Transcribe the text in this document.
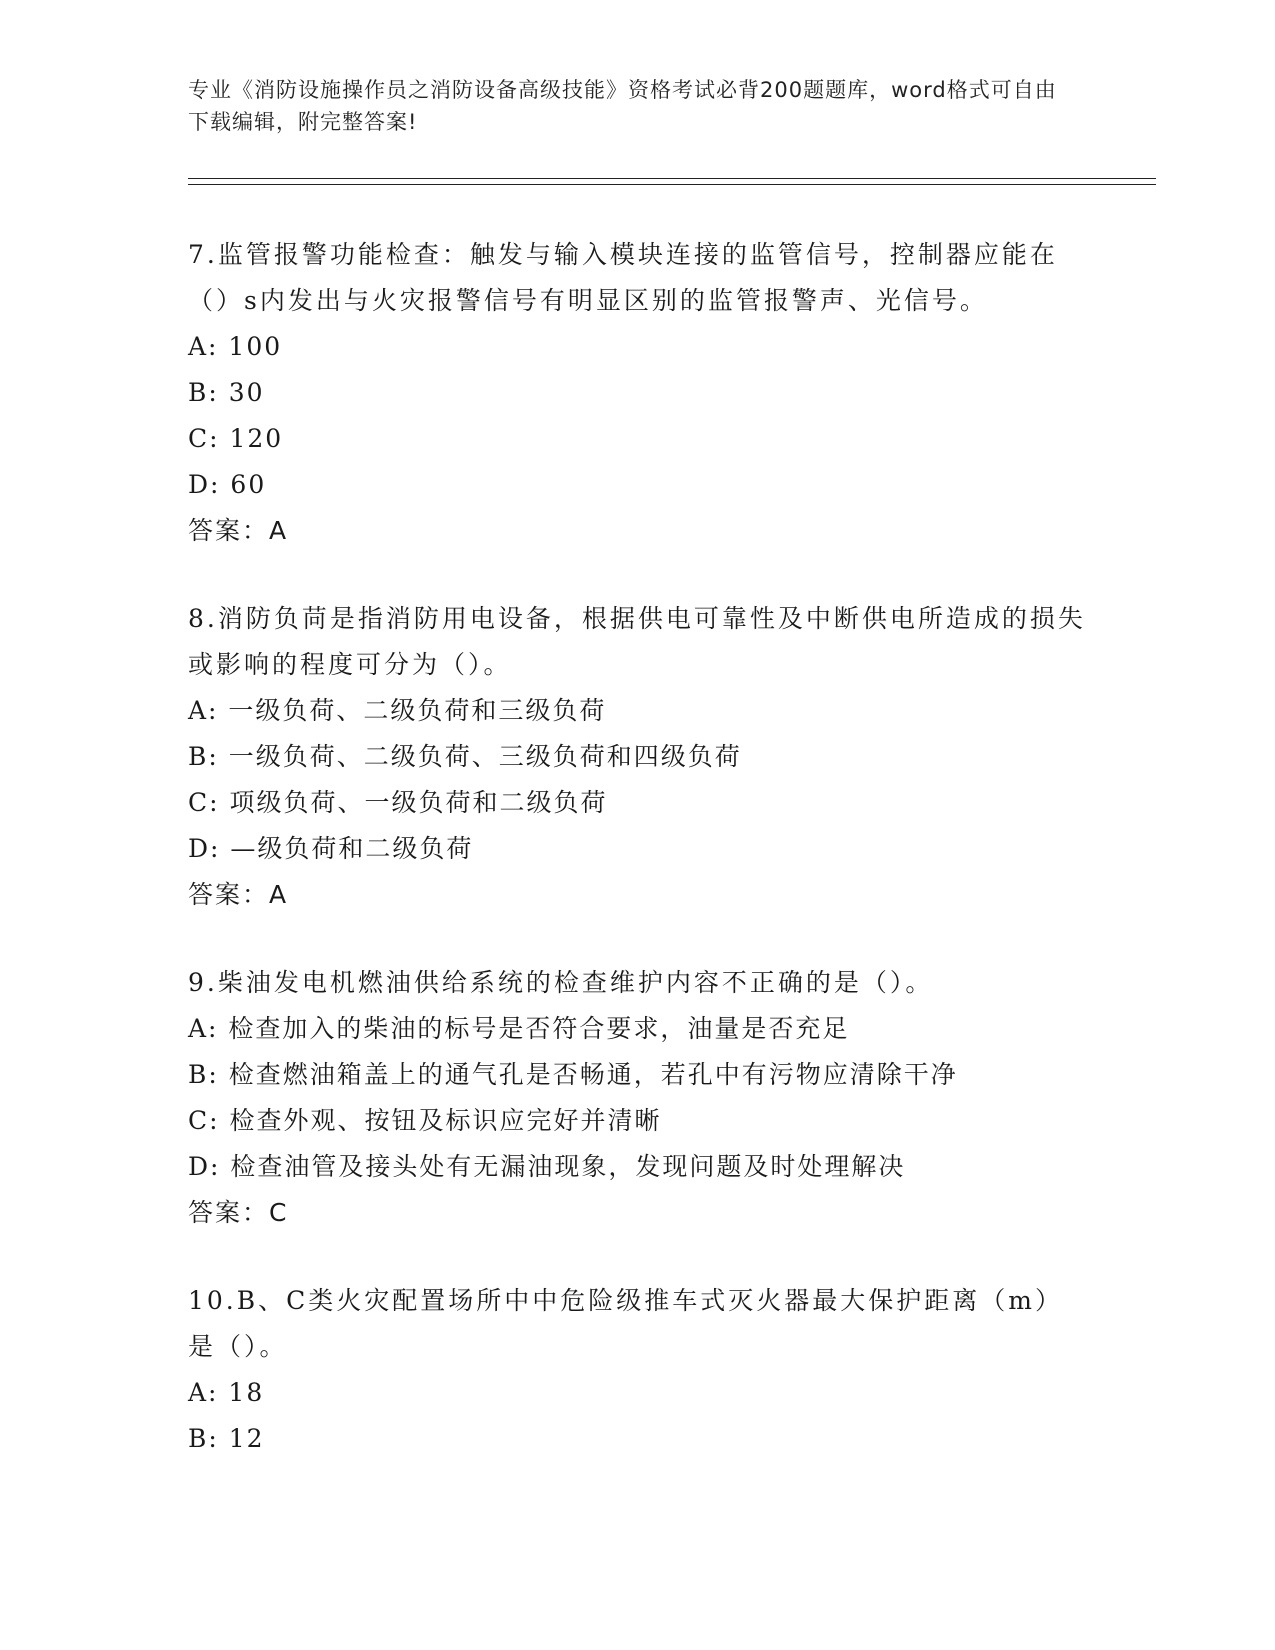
专业《消防设施操作员之消防设备高级技能》资格考试必背200题题库，word格式可自由下载编辑，附完整答案!

7.监管报警功能检查：触发与输入模块连接的监管信号，控制器应能在（）s内发出与火灾报警信号有明显区别的监管报警声、光信号。

A: 100

B: 30

C: 120

D: 60

答案：A

8.消防负苘是指消防用电设备，根据供电可靠性及中断供电所造成的损失或影响的程度可分为（）。

A: 一级负荷、二级负荷和三级负荷

B: 一级负荷、二级负荷、三级负荷和四级负荷

C: 项级负荷、一级负荷和二级负荷

D: —级负荷和二级负荷

答案：A

9.柴油发电机燃油供给系统的检查维护内容不正确的是（）。

A: 检查加入的柴油的标号是否符合要求，油量是否充足

B: 检查燃油箱盖上的通气孔是否畅通，若孔中有污物应清除干净

C: 检查外观、按钮及标识应完好并清晰

D: 检查油管及接头处有无漏油现象，发现问题及时处理解决

答案：C

10.B、C类火灾配置场所中中危险级推车式灭火器最大保护距离（m）是（）。

A: 18

B: 12
